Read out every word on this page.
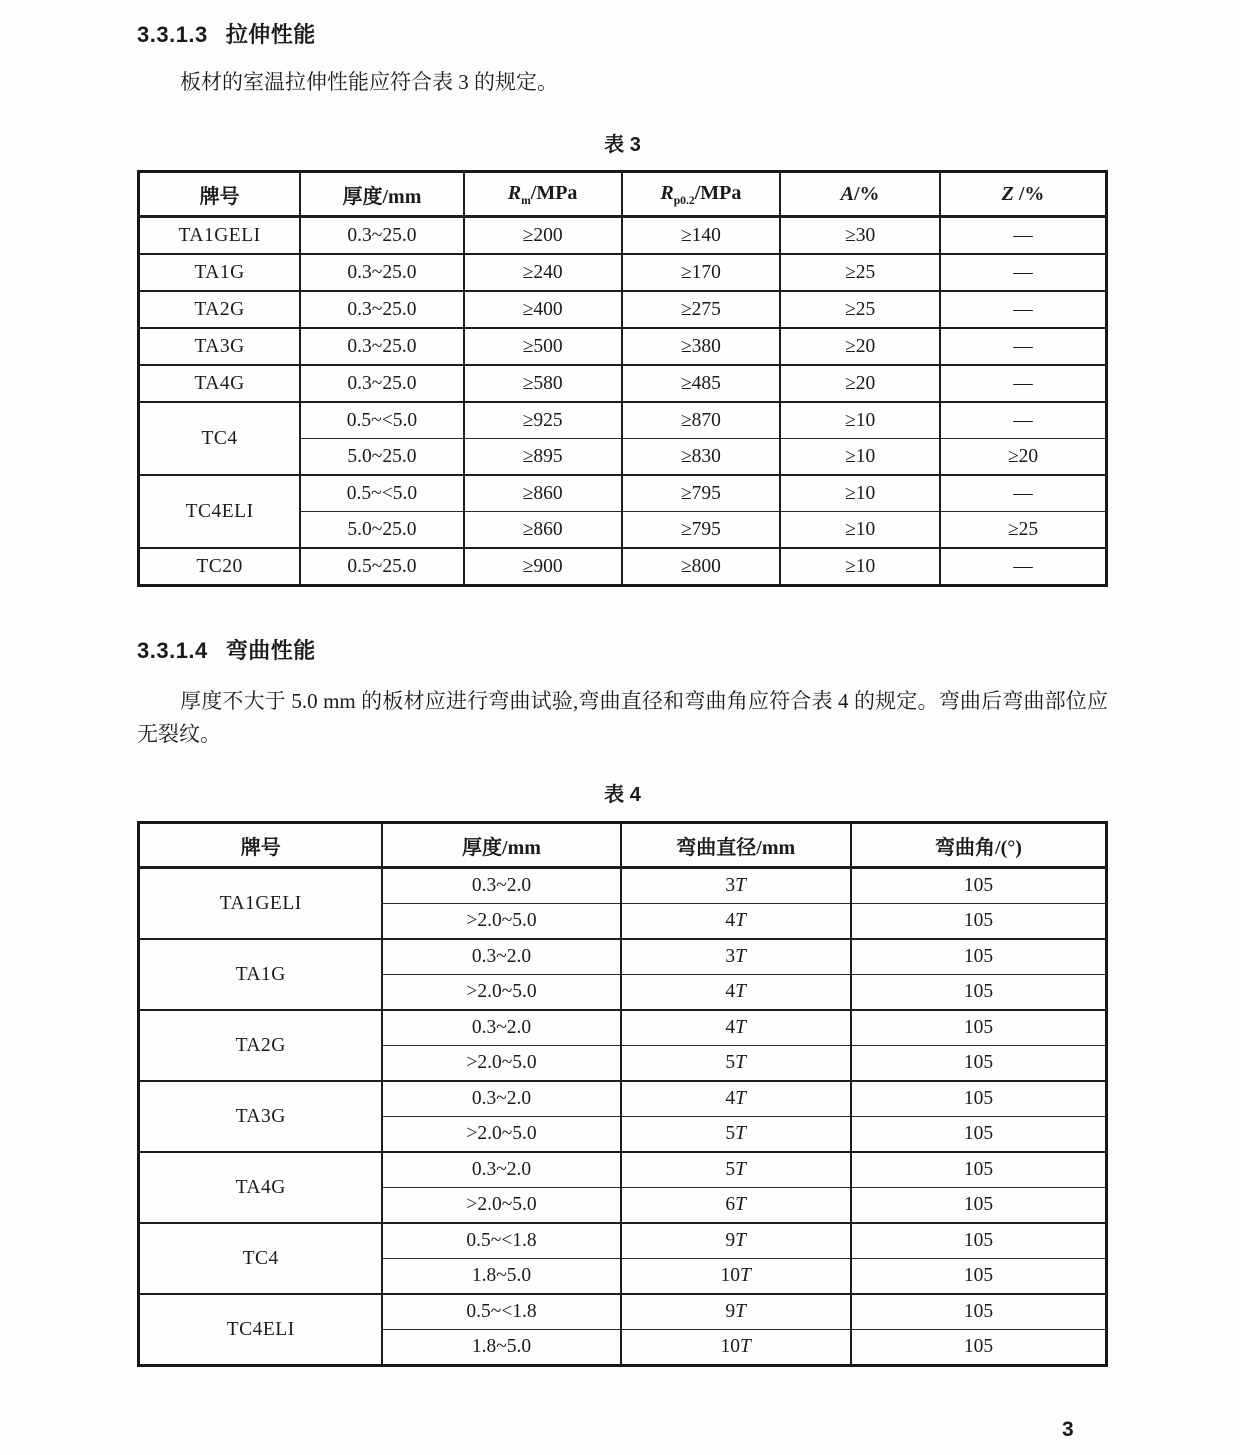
3.3.1.3 拉伸性能
板材的室温拉伸性能应符合表 3 的规定。
表 3
牌号	厚度/mm	$R_m$/MPa	$R_{p0.2}$/MPa	A/%	Z /%
TA1GELI	0.3~25.0	≥200	≥140	≥30	—
TA1G	0.3~25.0	≥240	≥170	≥25	—
TA2G	0.3~25.0	≥400	≥275	≥25	—
TA3G	0.3~25.0	≥500	≥380	≥20	—
TA4G	0.3~25.0	≥580	≥485	≥20	—
TC4	0.5~<5.0	≥925	≥870	≥10	—
	5.0~25.0	≥895	≥830	≥10	≥20
TC4ELI	0.5~<5.0	≥860	≥795	≥10	—
	5.0~25.0	≥860	≥795	≥10	≥25
TC20	0.5~25.0	≥900	≥800	≥10	—
3.3.1.4 弯曲性能
厚度不大于 5.0 mm 的板材应进行弯曲试验,弯曲直径和弯曲角应符合表 4 的规定。弯曲后弯曲部位应无裂纹。
表 4
牌号	厚度/mm	弯曲直径/mm	弯曲角/(°)
TA1GELI	0.3~2.0	3T	105
	>2.0~5.0	4T	105
TA1G	0.3~2.0	3T	105
	>2.0~5.0	4T	105
TA2G	0.3~2.0	4T	105
	>2.0~5.0	5T	105
TA3G	0.3~2.0	4T	105
	>2.0~5.0	5T	105
TA4G	0.3~2.0	5T	105
	>2.0~5.0	6T	105
TC4	0.5~<1.8	9T	105
	1.8~5.0	10T	105
TC4ELI	0.5~<1.8	9T	105
	1.8~5.0	10T	105
3
